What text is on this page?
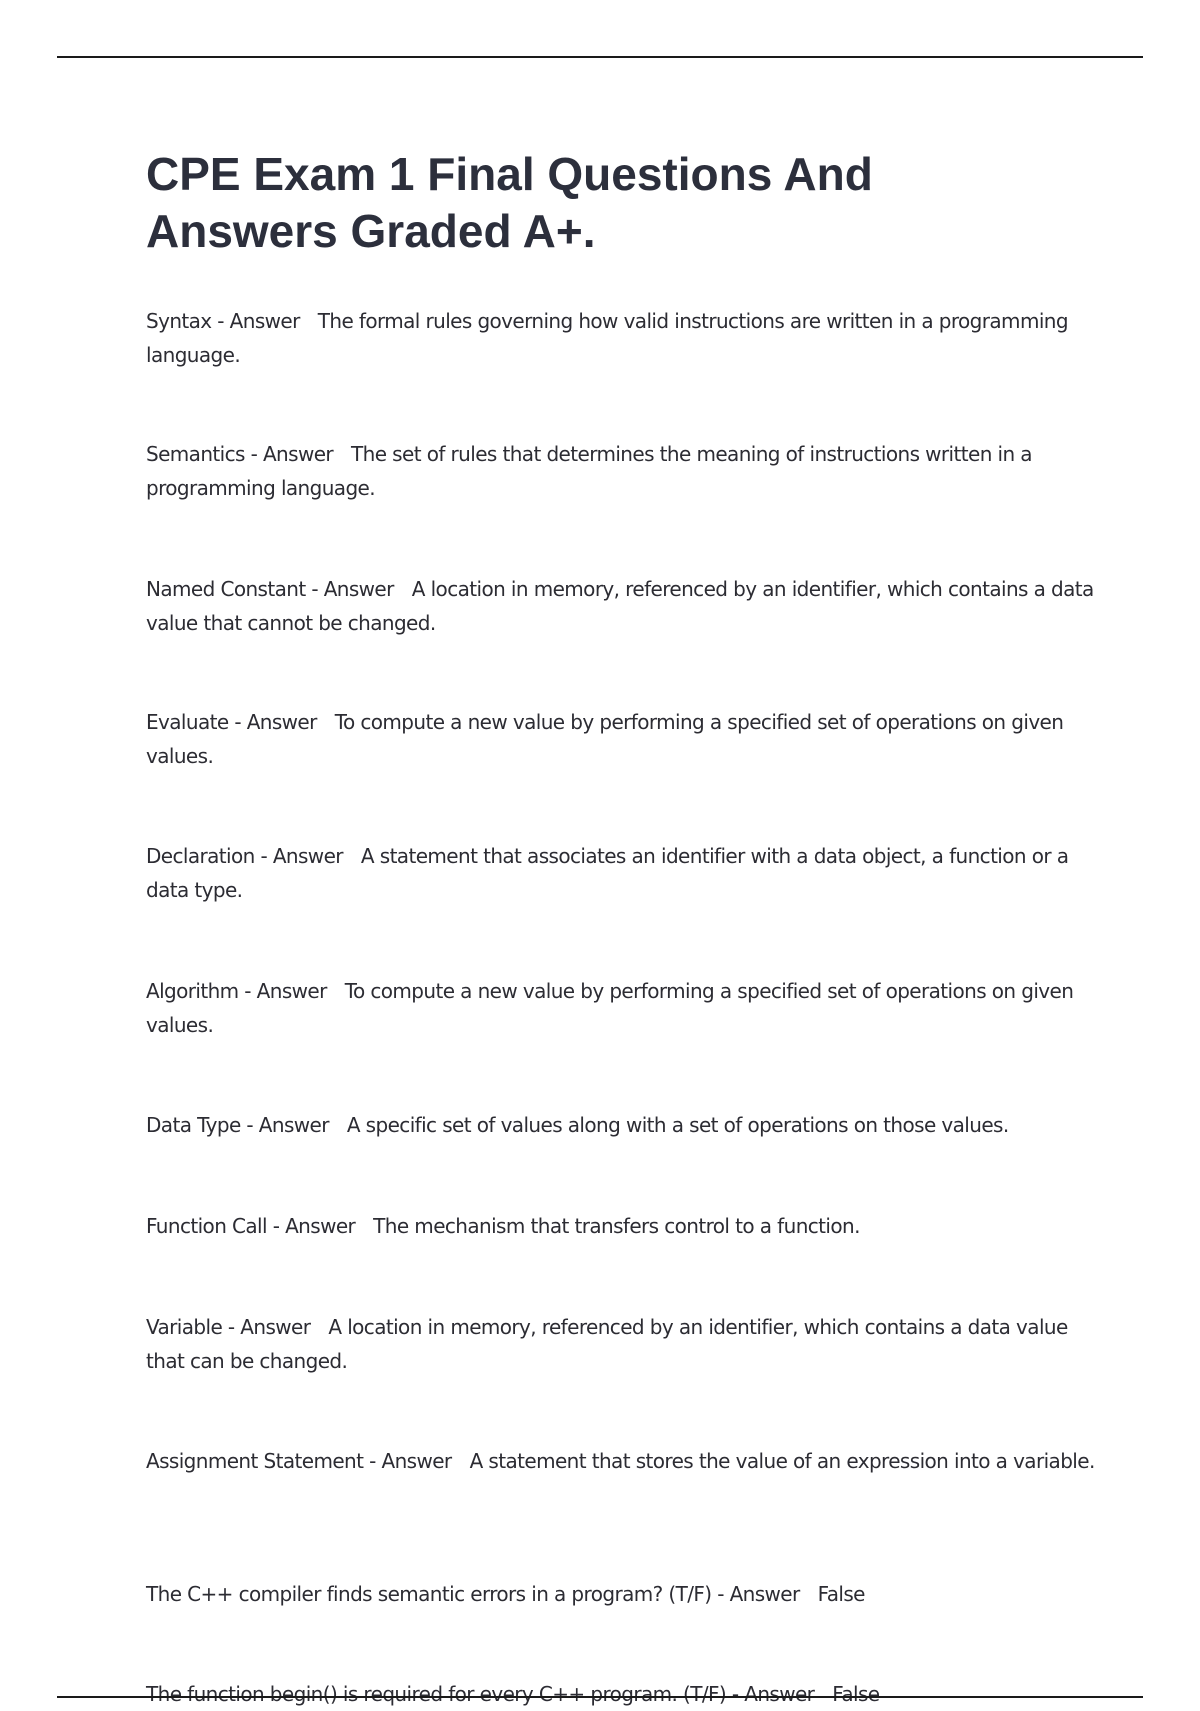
CPE Exam 1 Final Questions And Answers Graded A+.

Syntax - Answer The formal rules governing how valid instructions are written in a programming language.

Semantics - Answer The set of rules that determines the meaning of instructions written in a programming language.

Named Constant - Answer A location in memory, referenced by an identifier, which contains a data value that cannot be changed.

Evaluate - Answer To compute a new value by performing a specified set of operations on given values.

Declaration - Answer A statement that associates an identifier with a data object, a function or a data type.

Algorithm - Answer To compute a new value by performing a specified set of operations on given values.

Data Type - Answer A specific set of values along with a set of operations on those values.

Function Call - Answer The mechanism that transfers control to a function.

Variable - Answer A location in memory, referenced by an identifier, which contains a data value that can be changed.

Assignment Statement - Answer A statement that stores the value of an expression into a variable.

The C++ compiler finds semantic errors in a program? (T/F) - Answer False

The function begin() is required for every C++ program. (T/F) - Answer False
